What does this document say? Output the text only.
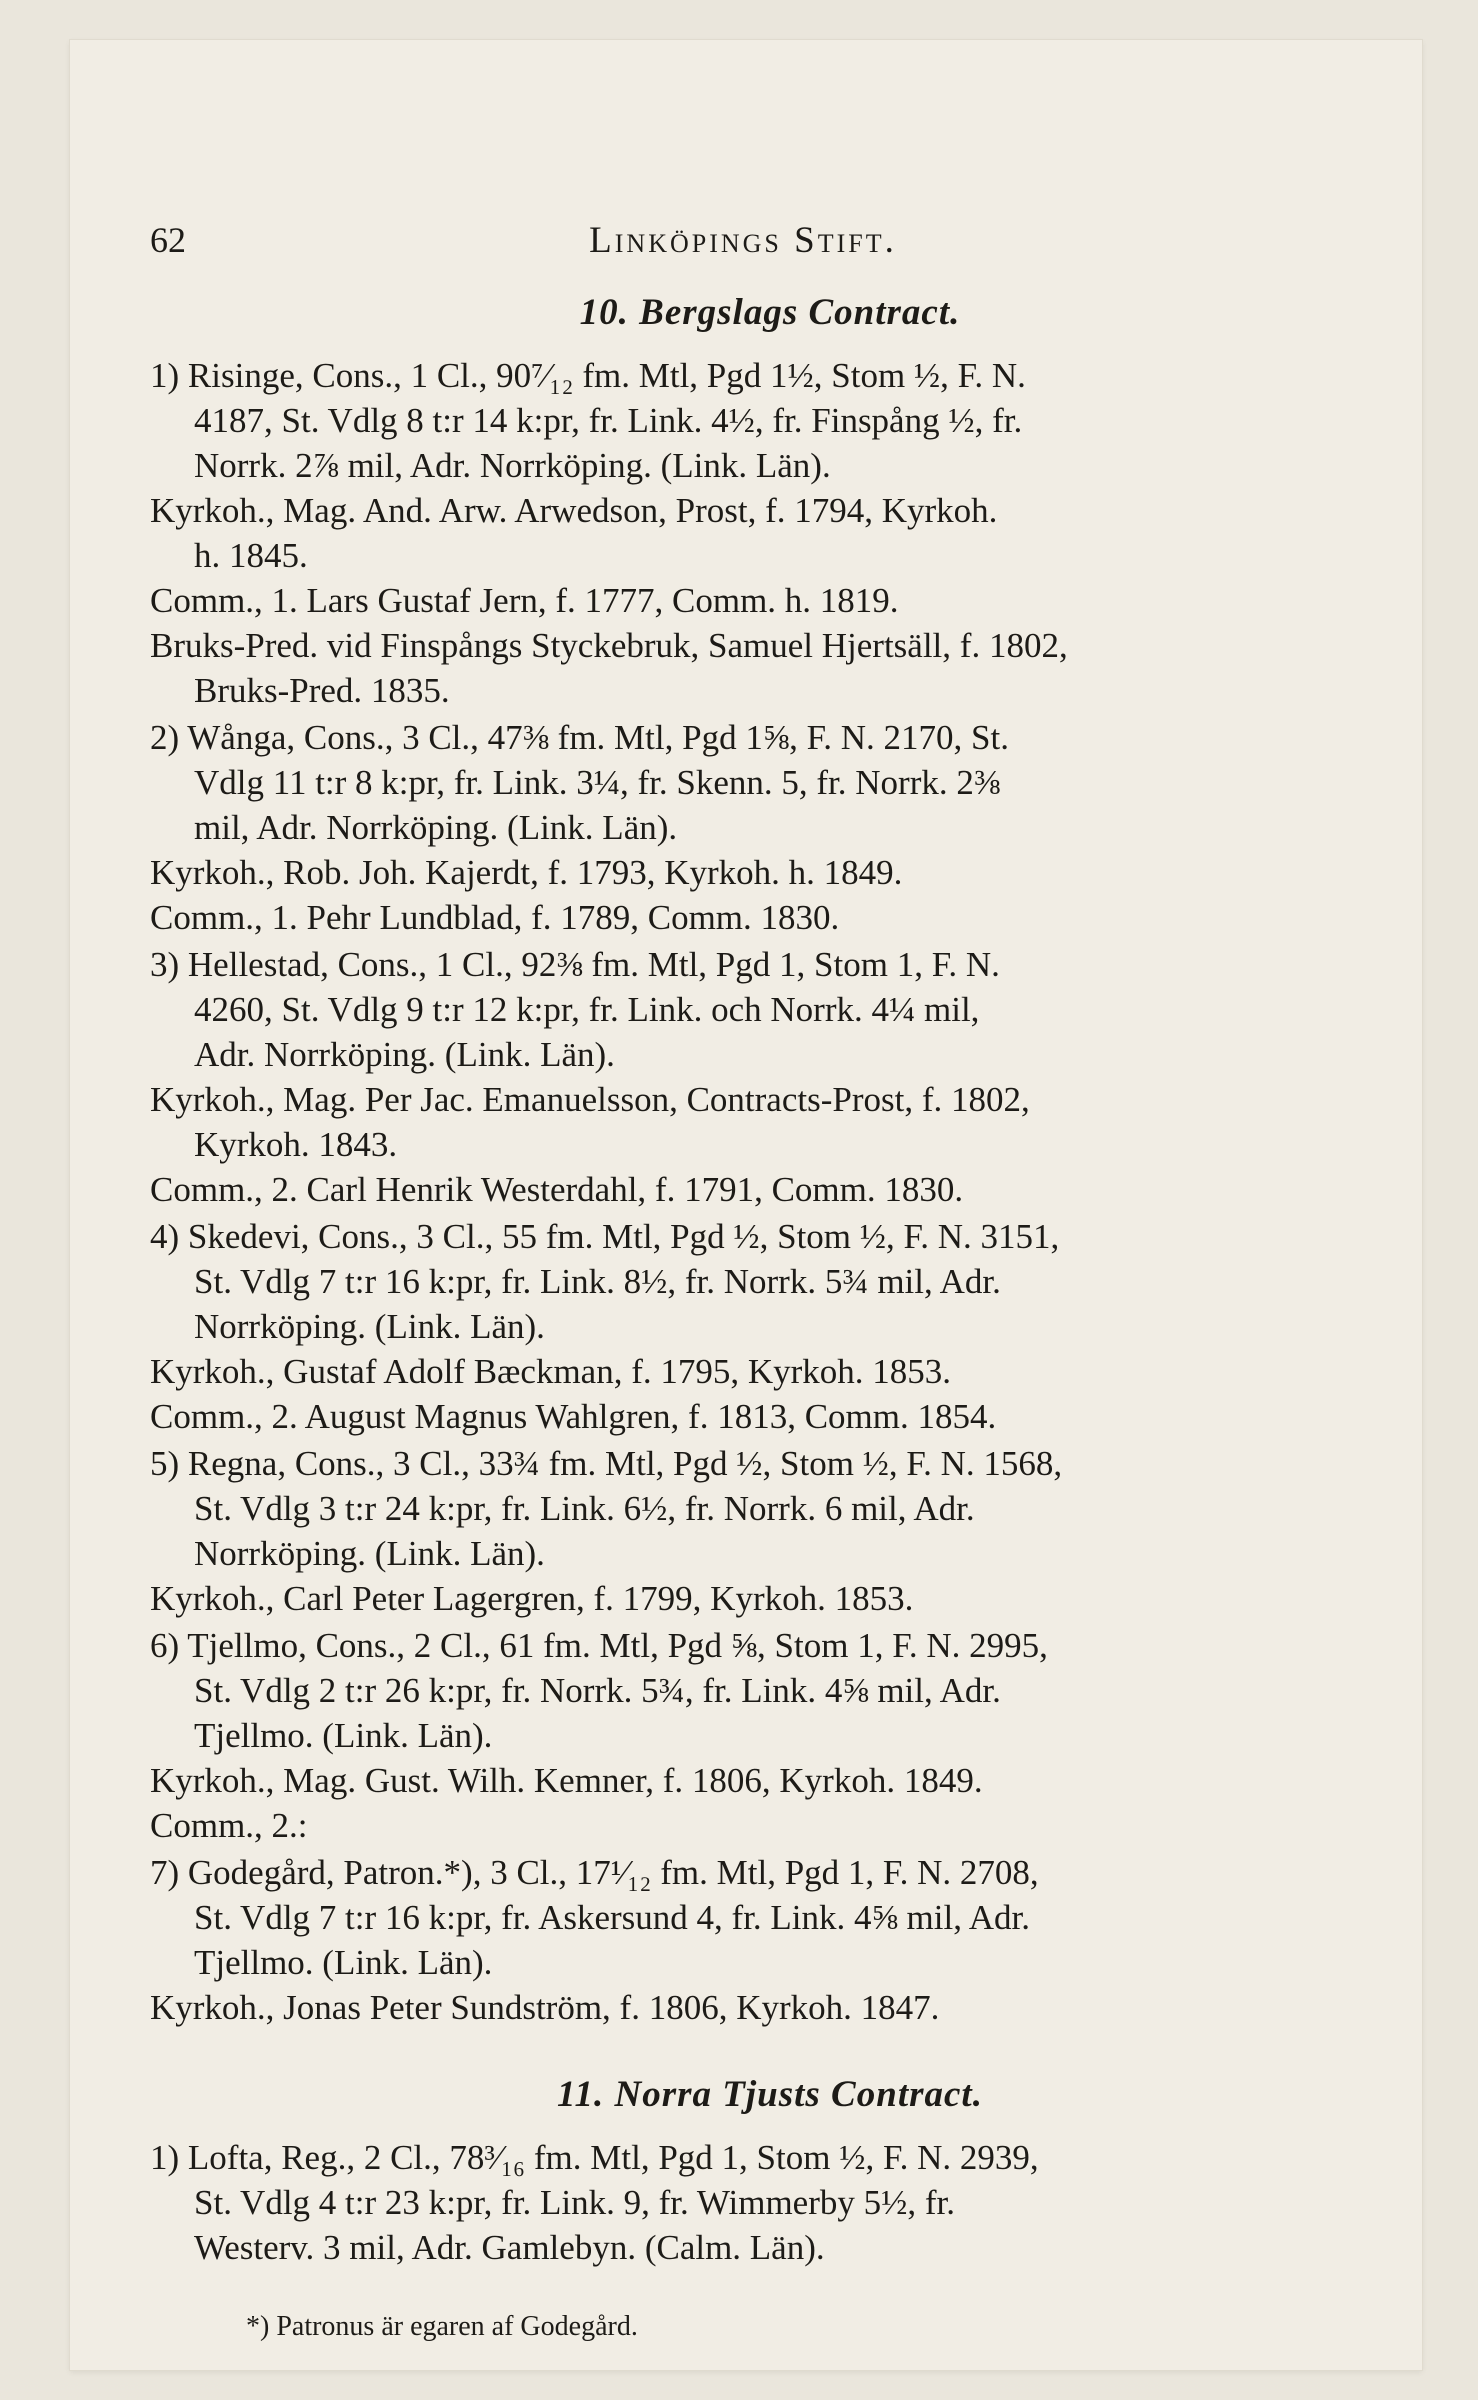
62	Linköpings Stift.
10. Bergslags Contract.
1) Risinge, Cons., 1 Cl., 90⁷⁄₁₂ fm. Mtl, Pgd 1½, Stom ½, F. N.
4187, St. Vdlg 8 t:r 14 k:pr, fr. Link. 4½, fr. Finspång ½, fr.
Norrk. 2⅞ mil, Adr. Norrköping. (Link. Län).
Kyrkoh., Mag. And. Arw. Arwedson, Prost, f. 1794, Kyrkoh.
h. 1845.
Comm., 1. Lars Gustaf Jern, f. 1777, Comm. h. 1819.
Bruks-Pred. vid Finspångs Styckebruk, Samuel Hjertsäll, f. 1802,
Bruks-Pred. 1835.
2) Wånga, Cons., 3 Cl., 47⅜ fm. Mtl, Pgd 1⅝, F. N. 2170, St.
Vdlg 11 t:r 8 k:pr, fr. Link. 3¼, fr. Skenn. 5, fr. Norrk. 2⅜
mil, Adr. Norrköping. (Link. Län).
Kyrkoh., Rob. Joh. Kajerdt, f. 1793, Kyrkoh. h. 1849.
Comm., 1. Pehr Lundblad, f. 1789, Comm. 1830.
3) Hellestad, Cons., 1 Cl., 92⅜ fm. Mtl, Pgd 1, Stom 1, F. N.
4260, St. Vdlg 9 t:r 12 k:pr, fr. Link. och Norrk. 4¼ mil,
Adr. Norrköping. (Link. Län).
Kyrkoh., Mag. Per Jac. Emanuelsson, Contracts-Prost, f. 1802,
Kyrkoh. 1843.
Comm., 2. Carl Henrik Westerdahl, f. 1791, Comm. 1830.
4) Skedevi, Cons., 3 Cl., 55 fm. Mtl, Pgd ½, Stom ½, F. N. 3151,
St. Vdlg 7 t:r 16 k:pr, fr. Link. 8½, fr. Norrk. 5¾ mil, Adr.
Norrköping. (Link. Län).
Kyrkoh., Gustaf Adolf Bæckman, f. 1795, Kyrkoh. 1853.
Comm., 2. August Magnus Wahlgren, f. 1813, Comm. 1854.
5) Regna, Cons., 3 Cl., 33¾ fm. Mtl, Pgd ½, Stom ½, F. N. 1568,
St. Vdlg 3 t:r 24 k:pr, fr. Link. 6½, fr. Norrk. 6 mil, Adr.
Norrköping. (Link. Län).
Kyrkoh., Carl Peter Lagergren, f. 1799, Kyrkoh. 1853.
6) Tjellmo, Cons., 2 Cl., 61 fm. Mtl, Pgd ⅝, Stom 1, F. N. 2995,
St. Vdlg 2 t:r 26 k:pr, fr. Norrk. 5¾, fr. Link. 4⅝ mil, Adr.
Tjellmo. (Link. Län).
Kyrkoh., Mag. Gust. Wilh. Kemner, f. 1806, Kyrkoh. 1849.
Comm., 2.:
7) Godegård, Patron.*), 3 Cl., 17¹⁄₁₂ fm. Mtl, Pgd 1, F. N. 2708,
St. Vdlg 7 t:r 16 k:pr, fr. Askersund 4, fr. Link. 4⅝ mil, Adr.
Tjellmo. (Link. Län).
Kyrkoh., Jonas Peter Sundström, f. 1806, Kyrkoh. 1847.
11. Norra Tjusts Contract.
1) Lofta, Reg., 2 Cl., 78³⁄₁₆ fm. Mtl, Pgd 1, Stom ½, F. N. 2939,
St. Vdlg 4 t:r 23 k:pr, fr. Link. 9, fr. Wimmerby 5½, fr.
Westerv. 3 mil, Adr. Gamlebyn. (Calm. Län).
*) Patronus är egaren af Godegård.
